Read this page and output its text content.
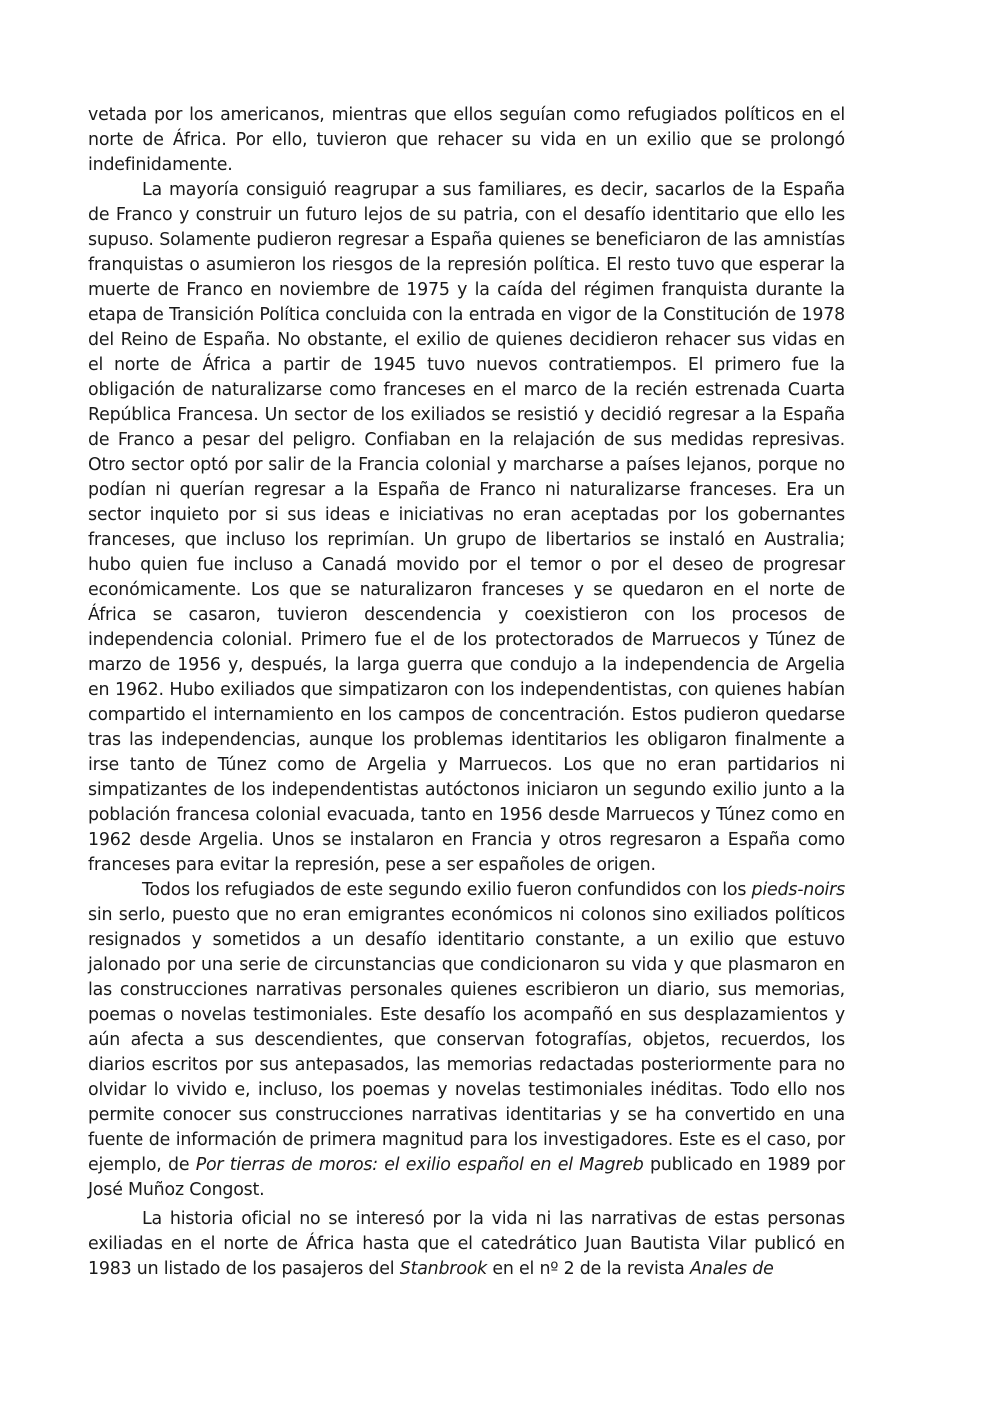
vetada por los americanos, mientras que ellos seguían como refugiados políticos en el norte de África. Por ello, tuvieron que rehacer su vida en un exilio que se prolongó indefinidamente.

La mayoría consiguió reagrupar a sus familiares, es decir, sacarlos de la España de Franco y construir un futuro lejos de su patria, con el desafío identitario que ello les supuso. Solamente pudieron regresar a España quienes se beneficiaron de las amnistías franquistas o asumieron los riesgos de la represión política. El resto tuvo que esperar la muerte de Franco en noviembre de 1975 y la caída del régimen franquista durante la etapa de Transición Política concluida con la entrada en vigor de la Constitución de 1978 del Reino de España. No obstante, el exilio de quienes decidieron rehacer sus vidas en el norte de África a partir de 1945 tuvo nuevos contratiempos. El primero fue la obligación de naturalizarse como franceses en el marco de la recién estrenada Cuarta República Francesa. Un sector de los exiliados se resistió y decidió regresar a la España de Franco a pesar del peligro. Confiaban en la relajación de sus medidas represivas. Otro sector optó por salir de la Francia colonial y marcharse a países lejanos, porque no podían ni querían regresar a la España de Franco ni naturalizarse franceses. Era un sector inquieto por si sus ideas e iniciativas no eran aceptadas por los gobernantes franceses, que incluso los reprimían. Un grupo de libertarios se instaló en Australia; hubo quien fue incluso a Canadá movido por el temor o por el deseo de progresar económicamente. Los que se naturalizaron franceses y se quedaron en el norte de África se casaron, tuvieron descendencia y coexistieron con los procesos de independencia colonial. Primero fue el de los protectorados de Marruecos y Túnez de marzo de 1956 y, después, la larga guerra que condujo a la independencia de Argelia en 1962. Hubo exiliados que simpatizaron con los independentistas, con quienes habían compartido el internamiento en los campos de concentración. Estos pudieron quedarse tras las independencias, aunque los problemas identitarios les obligaron finalmente a irse tanto de Túnez como de Argelia y Marruecos. Los que no eran partidarios ni simpatizantes de los independentistas autóctonos iniciaron un segundo exilio junto a la población francesa colonial evacuada, tanto en 1956 desde Marruecos y Túnez como en 1962 desde Argelia. Unos se instalaron en Francia y otros regresaron a España como franceses para evitar la represión, pese a ser españoles de origen.

Todos los refugiados de este segundo exilio fueron confundidos con los pieds-noirs sin serlo, puesto que no eran emigrantes económicos ni colonos sino exiliados políticos resignados y sometidos a un desafío identitario constante, a un exilio que estuvo jalonado por una serie de circunstancias que condicionaron su vida y que plasmaron en las construcciones narrativas personales quienes escribieron un diario, sus memorias, poemas o novelas testimoniales. Este desafío los acompañó en sus desplazamientos y aún afecta a sus descendientes, que conservan fotografías, objetos, recuerdos, los diarios escritos por sus antepasados, las memorias redactadas posteriormente para no olvidar lo vivido e, incluso, los poemas y novelas testimoniales inéditas. Todo ello nos permite conocer sus construcciones narrativas identitarias y se ha convertido en una fuente de información de primera magnitud para los investigadores. Este es el caso, por ejemplo, de Por tierras de moros: el exilio español en el Magreb publicado en 1989 por José Muñoz Congost.

La historia oficial no se interesó por la vida ni las narrativas de estas personas exiliadas en el norte de África hasta que el catedrático Juan Bautista Vilar publicó en 1983 un listado de los pasajeros del Stanbrook en el nº 2 de la revista Anales de
